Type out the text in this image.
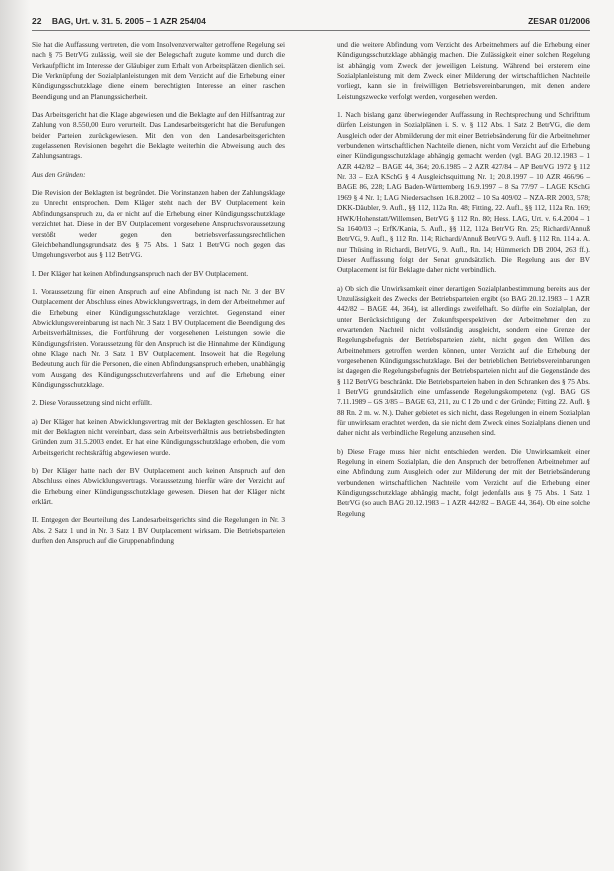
22 BAG, Urt. v. 31. 5. 2005 – 1 AZR 254/04	ZESAR 01/2006

Sie hat die Auffassung vertreten, die vom Insolvenzverwalter getroffene Regelung sei nach § 75 BetrVG zulässig, weil sie der Belegschaft zugute komme und durch die Verkaufpflicht im Interesse der Gläubiger zum Erhalt von Arbeitsplätzen dienlich sei. Die Verknüpfung der Sozialplanleistungen mit dem Verzicht auf die Erhebung einer Kündigungsschutzklage diene einem berechtigten Interesse an einer raschen Beendigung und an Planungssicherheit.

Das Arbeitsgericht hat die Klage abgewiesen und die Beklagte auf den Hilfsantrag zur Zahlung von 8.550,00 Euro verurteilt. Das Landesarbeitsgericht hat die Berufungen beider Parteien zurückgewiesen. Mit den von den Landesarbeitsgerichten zugelassenen Revisionen begehrt die Beklagte weiterhin die Abweisung auch des Zahlungsantrags.

Aus den Gründen:

Die Revision der Beklagten ist begründet. Die Vorinstanzen haben der Zahlungsklage zu Unrecht entsprochen. Dem Kläger steht nach der BV Outplacement kein Abfindungsanspruch zu, da er nicht auf die Erhebung einer Kündigungsschutzklage verzichtet hat. Diese in der BV Outplacement vorgesehene Anspruchsvoraussetzung verstößt weder gegen den betriebsverfassungsrechtlichen Gleichbehandlungsgrundsatz des § 75 Abs. 1 Satz 1 BetrVG noch gegen das Umgehungsverbot aus § 112 BetrVG.

I. Der Kläger hat keinen Abfindungsanspruch nach der BV Outplacement.

1. Voraussetzung für einen Anspruch auf eine Abfindung ist nach Nr. 3 der BV Outplacement der Abschluss eines Abwicklungsvertrags, in dem der Arbeitnehmer auf die Erhebung einer Kündigungsschutzklage verzichtet. Gegenstand einer Abwicklungsvereinbarung ist nach Nr. 3 Satz 1 BV Outplacement die Beendigung des Arbeitsverhältnisses, die Fortführung der vorgesehenen Leistungen sowie die Kündigungsfristen. Voraussetzung für den Anspruch ist die Hinnahme der Kündigung ohne Klage nach Nr. 3 Satz 1 BV Outplacement. Insoweit hat die Regelung Bedeutung auch für die Personen, die einen Abfindungsanspruch erheben, unabhängig vom Ausgang des Kündigungsschutzverfahrens und auf die Erhebung einer Kündigungsschutzklage.

2. Diese Voraussetzung sind nicht erfüllt.

a) Der Kläger hat keinen Abwicklungsvertrag mit der Beklagten geschlossen. Er hat mit der Beklagten nicht vereinbart, dass sein Arbeitsverhältnis aus betriebsbedingten Gründen zum 31.5.2003 endet. Er hat eine Kündigungsschutzklage erhoben, die vom Arbeitsgericht rechtskräftig abgewiesen wurde.

b) Der Kläger hatte nach der BV Outplacement auch keinen Anspruch auf den Abschluss eines Abwicklungsvertrags. Voraussetzung hierfür wäre der Verzicht auf die Erhebung einer Kündigungsschutzklage gewesen. Diesen hat der Kläger nicht erklärt.

II. Entgegen der Beurteilung des Landesarbeitsgerichts sind die Regelungen in Nr. 3 Abs. 2 Satz 1 und in Nr. 3 Satz 1 BV Outplacement wirksam. Die Betriebsparteien durften den Anspruch auf die Gruppenabfindung

und die weitere Abfindung vom Verzicht des Arbeitnehmers auf die Erhebung einer Kündigungsschutzklage abhängig machen. Die Zulässigkeit einer solchen Regelung ist abhängig vom Zweck der jeweiligen Leistung. Während bei ersterem eine Sozialplanleistung mit dem Zweck einer Milderung der wirtschaftlichen Nachteile vorliegt, kann sie in freiwilligen Betriebsvereinbarungen, mit denen andere Leistungszwecke verfolgt werden, vorgesehen werden.

1. Nach bislang ganz überwiegender Auffassung in Rechtsprechung und Schrifttum dürfen Leistungen in Sozialplänen i. S. v. § 112 Abs. 1 Satz 2 BetrVG, die dem Ausgleich oder der Abmilderung der mit einer Betriebsänderung für die Arbeitnehmer verbundenen wirtschaftlichen Nachteile dienen, nicht vom Verzicht auf die Erhebung einer Kündigungsschutzklage abhängig gemacht werden (vgl. BAG 20.12.1983 – 1 AZR 442/82 – BAGE 44, 364; 20.6.1985 – 2 AZR 427/84 – AP BetrVG 1972 § 112 Nr. 33 – EzA KSchG § 4 Ausgleichsquittung Nr. 1; 20.8.1997 – 10 AZR 466/96 – BAGE 86, 228; LAG Baden-Württemberg 16.9.1997 – 8 Sa 77/97 – LAGE KSchG 1969 § 4 Nr. 1; LAG Niedersachsen 16.8.2002 – 10 Sa 409/02 – NZA-RR 2003, 578; DKK-Däubler, 9. Aufl., §§ 112, 112a Rn. 48; Fitting, 22. Aufl., §§ 112, 112a Rn. 169; HWK/Hohenstatt/Willemsen, BetrVG § 112 Rn. 80; Hess. LAG, Urt. v. 6.4.2004 – 1 Sa 1640/03 –; ErfK/Kania, 5. Aufl., §§ 112, 112a BetrVG Rn. 25; Richardi/Annuß BetrVG, 9. Aufl., § 112 Rn. 114; Richardi/Annuß BetrVG 9. Aufl. § 112 Rn. 114 a. A. nur Thüsing in Richardi, BetrVG, 9. Aufl., Rn. 14; Hümmerich DB 2004, 263 ff.). Dieser Auffassung folgt der Senat grundsätzlich. Die Regelung aus der BV Outplacement ist für Beklagte daher nicht verbindlich.

a) Ob sich die Unwirksamkeit einer derartigen Sozialplanbestimmung bereits aus der Unzulässigkeit des Zwecks der Betriebsparteien ergibt (so BAG 20.12.1983 – 1 AZR 442/82 – BAGE 44, 364), ist allerdings zweifelhaft. So dürfte ein Sozialplan, der unter Berücksichtigung der Zukunftsperspektiven der Arbeitnehmer den zu erwartenden Nachteil nicht vollständig ausgleicht, sondern eine Grenze der Regelungsbefugnis der Betriebsparteien zieht, nicht gegen den Willen des Arbeitnehmers getroffen werden können, unter Verzicht auf die Erhebung der vorgesehenen Kündigungsschutzklage. Bei der betrieblichen Betriebsvereinbarungen ist dagegen die Regelungsbefugnis der Betriebsparteien nicht auf die Gegenstände des § 112 BetrVG beschränkt. Die Betriebsparteien haben in den Schranken des § 75 Abs. 1 BetrVG grundsätzlich eine umfassende Regelungskompetenz (vgl. BAG GS 7.11.1989 – GS 3/85 – BAGE 63, 211, zu C I 2b und c der Gründe; Fitting 22. Aufl. § 88 Rn. 2 m. w. N.). Daher gebietet es sich nicht, dass Regelungen in einem Sozialplan für unwirksam erachtet werden, da sie nicht dem Zweck eines Sozialplans dienen und daher nicht als verbindliche Regelung anzusehen sind.

b) Diese Frage muss hier nicht entschieden werden. Die Unwirksamkeit einer Regelung in einem Sozialplan, die den Anspruch der betroffenen Arbeitnehmer auf eine Abfindung zum Ausgleich oder zur Milderung der mit der Betriebsänderung verbundenen wirtschaftlichen Nachteile vom Verzicht auf die Erhebung einer Kündigungsschutzklage abhängig macht, folgt jedenfalls aus § 75 Abs. 1 Satz 1 BetrVG (so auch BAG 20.12.1983 – 1 AZR 442/82 – BAGE 44, 364). Ob eine solche Regelung
